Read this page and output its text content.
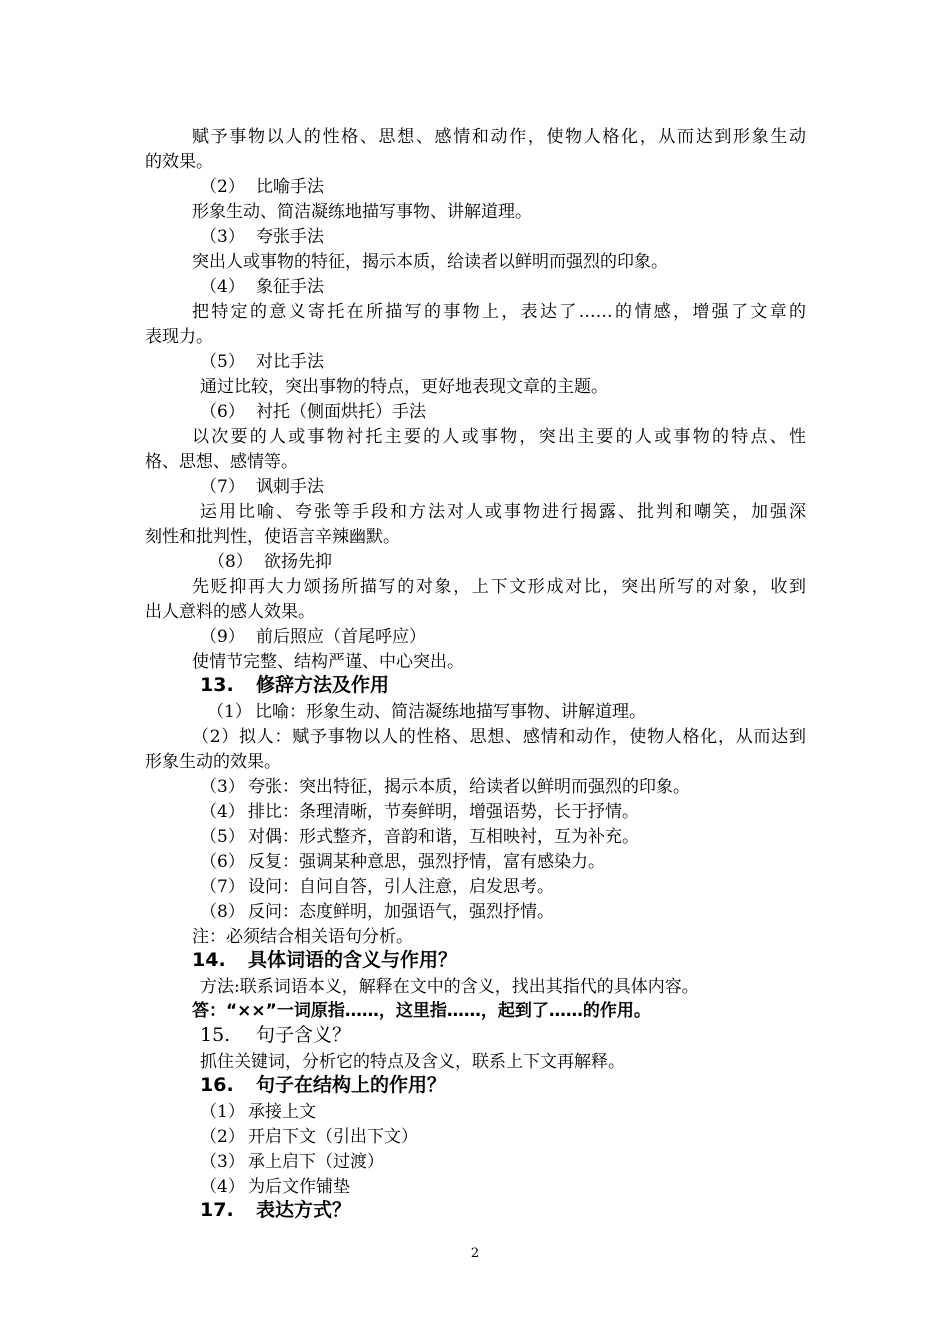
赋予事物以人的性格、思想、感情和动作，使物人格化，从而达到形象生动
的效果。
（2） 比喻手法
形象生动、简洁凝练地描写事物、讲解道理。
（3） 夸张手法
突出人或事物的特征，揭示本质，给读者以鲜明而强烈的印象。
（4） 象征手法
把特定的意义寄托在所描写的事物上，表达了……的情感，增强了文章的
表现力。
（5） 对比手法
通过比较，突出事物的特点，更好地表现文章的主题。
（6） 衬托（侧面烘托）手法
以次要的人或事物衬托主要的人或事物，突出主要的人或事物的特点、性
格、思想、感情等。
（7） 讽刺手法
运用比喻、夸张等手段和方法对人或事物进行揭露、批判和嘲笑，加强深
刻性和批判性，使语言辛辣幽默。
（8） 欲扬先抑
先贬抑再大力颂扬所描写的对象，上下文形成对比，突出所写的对象，收到
出人意料的感人效果。
（9） 前后照应（首尾呼应）
使情节完整、结构严谨、中心突出。
13. 修辞方法及作用
（1） 比喻：形象生动、简洁凝练地描写事物、讲解道理。
（2）拟人：赋予事物以人的性格、思想、感情和动作，使物人格化，从而达到
形象生动的效果。
（3） 夸张：突出特征，揭示本质，给读者以鲜明而强烈的印象。
（4） 排比：条理清晰，节奏鲜明，增强语势，长于抒情。
（5） 对偶：形式整齐，音韵和谐，互相映衬，互为补充。
（6） 反复：强调某种意思，强烈抒情，富有感染力。
（7） 设问：自问自答，引人注意，启发思考。
（8） 反问：态度鲜明，加强语气，强烈抒情。
注：必须结合相关语句分析。
14. 具体词语的含义与作用？
方法:联系词语本义，解释在文中的含义，找出其指代的具体内容。
答：“××”一词原指……，这里指……，起到了……的作用。
15. 句子含义？
抓住关键词，分析它的特点及含义，联系上下文再解释。
16. 句子在结构上的作用？
（1） 承接上文
（2） 开启下文（引出下文）
（3） 承上启下（过渡）
（4） 为后文作铺垫
17. 表达方式？
2
